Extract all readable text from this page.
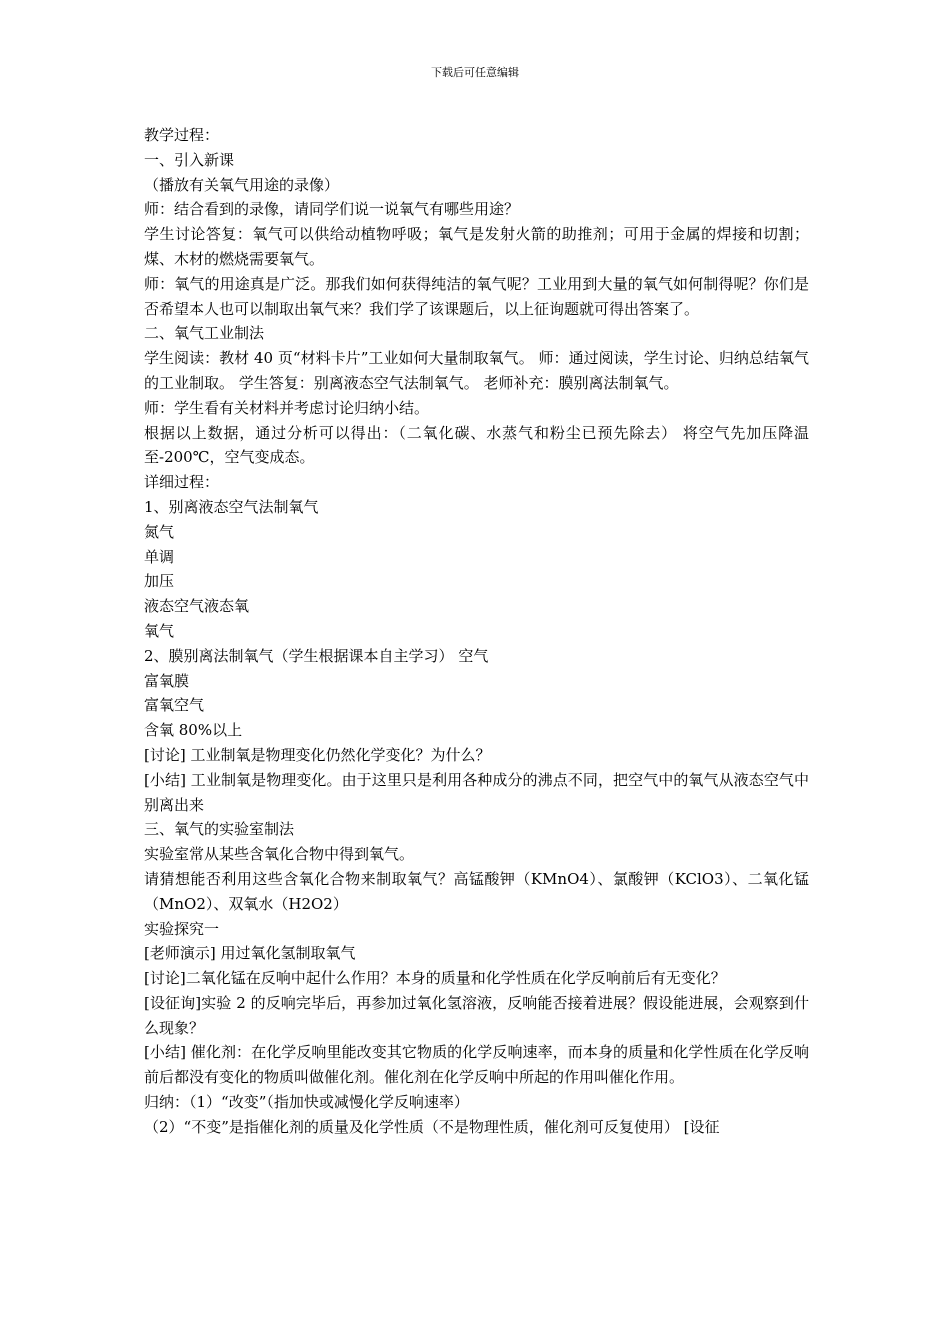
下载后可任意编辑

教学过程：

一、引入新课

（播放有关氧气用途的录像）

师：结合看到的录像，请同学们说一说氧气有哪些用途？

学生讨论答复：氧气可以供给动植物呼吸；氧气是发射火箭的助推剂；可用于金属的焊接和切割；煤、木材的燃烧需要氧气。

师：氧气的用途真是广泛。那我们如何获得纯洁的氧气呢？工业用到大量的氧气如何制得呢？你们是否希望本人也可以制取出氧气来？我们学了该课题后，以上征询题就可得出答案了。

二、氧气工业制法

学生阅读：教材 40 页“材料卡片”工业如何大量制取氧气。 师：通过阅读，学生讨论、归纳总结氧气的工业制取。 学生答复：别离液态空气法制氧气。 老师补充：膜别离法制氧气。

师：学生看有关材料并考虑讨论归纳小结。

根据以上数据，通过分析可以得出：（二氧化碳、水蒸气和粉尘已预先除去） 将空气先加压降温至-200℃，空气变成态。

详细过程：

1、别离液态空气法制氧气

氮气

单调

加压

液态空气液态氧

氧气

2、膜别离法制氧气（学生根据课本自主学习） 空气

富氧膜

富氧空气

含氧 80%以上

[讨论] 工业制氧是物理变化仍然化学变化？为什么？

[小结] 工业制氧是物理变化。由于这里只是利用各种成分的沸点不同，把空气中的氧气从液态空气中别离出来

三、氧气的实验室制法

实验室常从某些含氧化合物中得到氧气。

请猜想能否利用这些含氧化合物来制取氧气？高锰酸钾（KMnO4）、氯酸钾（KClO3）、二氧化锰（MnO2）、双氧水（H2O2）

实验探究一

[老师演示] 用过氧化氢制取氧气

[讨论]二氧化锰在反响中起什么作用？本身的质量和化学性质在化学反响前后有无变化？

[设征询]实验 2 的反响完毕后，再参加过氧化氢溶液，反响能否接着进展？假设能进展，会观察到什么现象？

[小结] 催化剂：在化学反响里能改变其它物质的化学反响速率，而本身的质量和化学性质在化学反响前后都没有变化的物质叫做催化剂。催化剂在化学反响中所起的作用叫催化作用。

归纳：（1）“改变”（指加快或减慢化学反响速率）

（2）“不变”是指催化剂的质量及化学性质（不是物理性质，催化剂可反复使用） [设征
